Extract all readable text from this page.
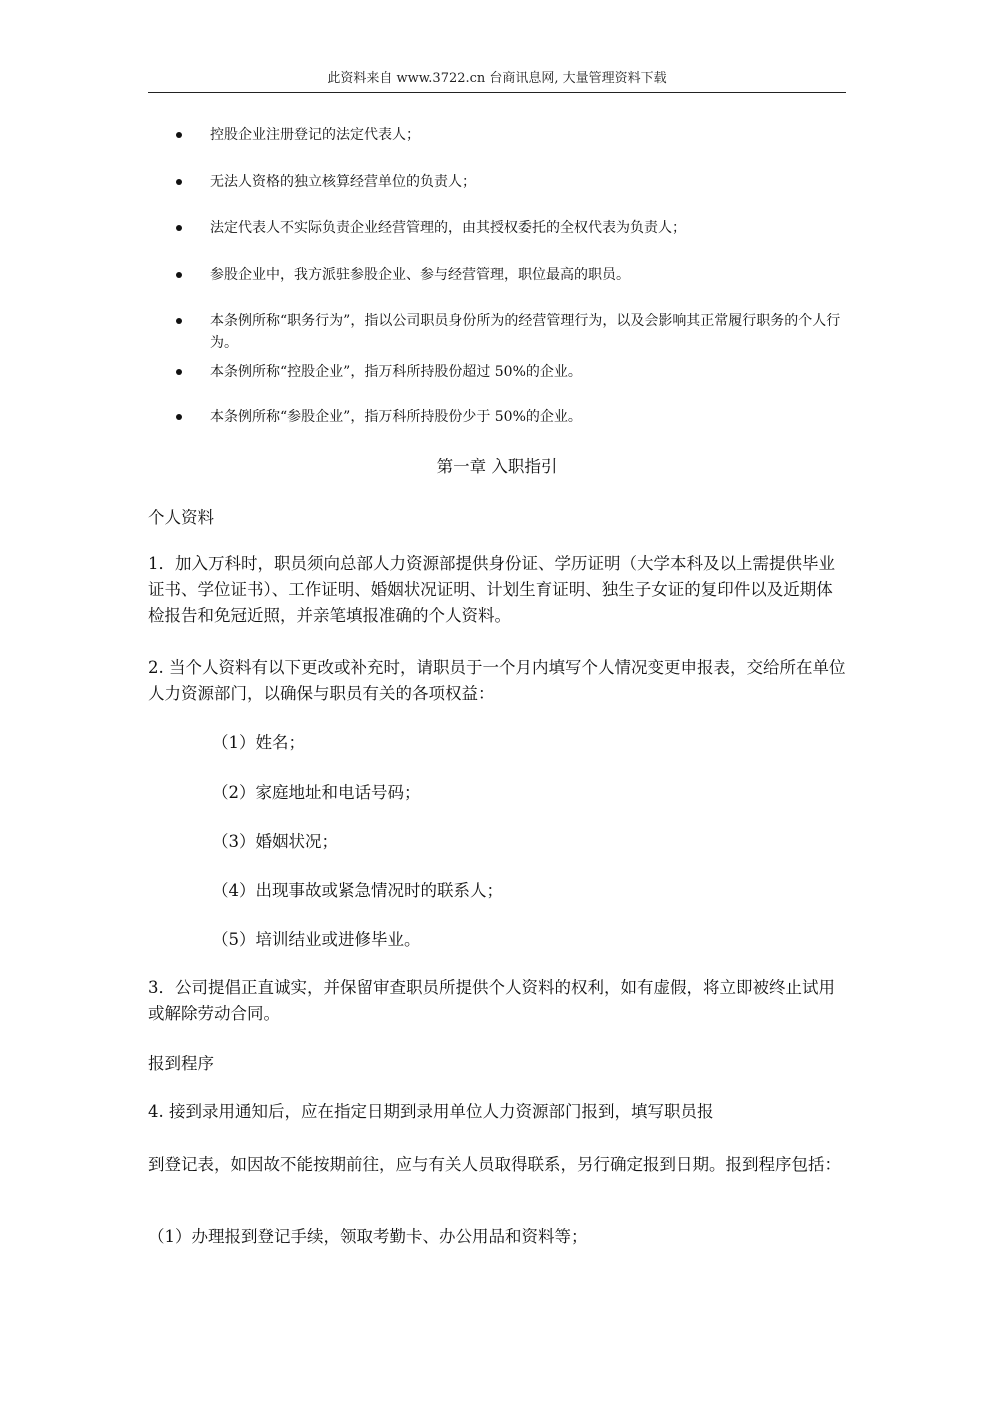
此资料来自 www.3722.cn 台商讯息网, 大量管理资料下载
控股企业注册登记的法定代表人；
无法人资格的独立核算经营单位的负责人；
法定代表人不实际负责企业经营管理的，由其授权委托的全权代表为负责人；
参股企业中，我方派驻参股企业、参与经营管理，职位最高的职员。
本条例所称“职务行为”，指以公司职员身份所为的经营管理行为，以及会影响其正常履行职务的个人行为。
本条例所称“控股企业”，指万科所持股份超过 50%的企业。
本条例所称“参股企业”，指万科所持股份少于 50%的企业。
第一章 入职指引
个人资料
1．加入万科时，职员须向总部人力资源部提供身份证、学历证明（大学本科及以上需提供毕业证书、学位证书）、工作证明、婚姻状况证明、计划生育证明、独生子女证的复印件以及近期体检报告和免冠近照，并亲笔填报准确的个人资料。
2. 当个人资料有以下更改或补充时，请职员于一个月内填写个人情况变更申报表，交给所在单位人力资源部门，以确保与职员有关的各项权益：
（1）姓名；
（2）家庭地址和电话号码；
（3）婚姻状况；
（4）出现事故或紧急情况时的联系人；
（5）培训结业或进修毕业。
3．公司提倡正直诚实，并保留审查职员所提供个人资料的权利，如有虚假，将立即被终止试用或解除劳动合同。
报到程序
4. 接到录用通知后，应在指定日期到录用单位人力资源部门报到，填写职员报
到登记表，如因故不能按期前往，应与有关人员取得联系，另行确定报到日期。报到程序包括：
（1）办理报到登记手续，领取考勤卡、办公用品和资料等；
